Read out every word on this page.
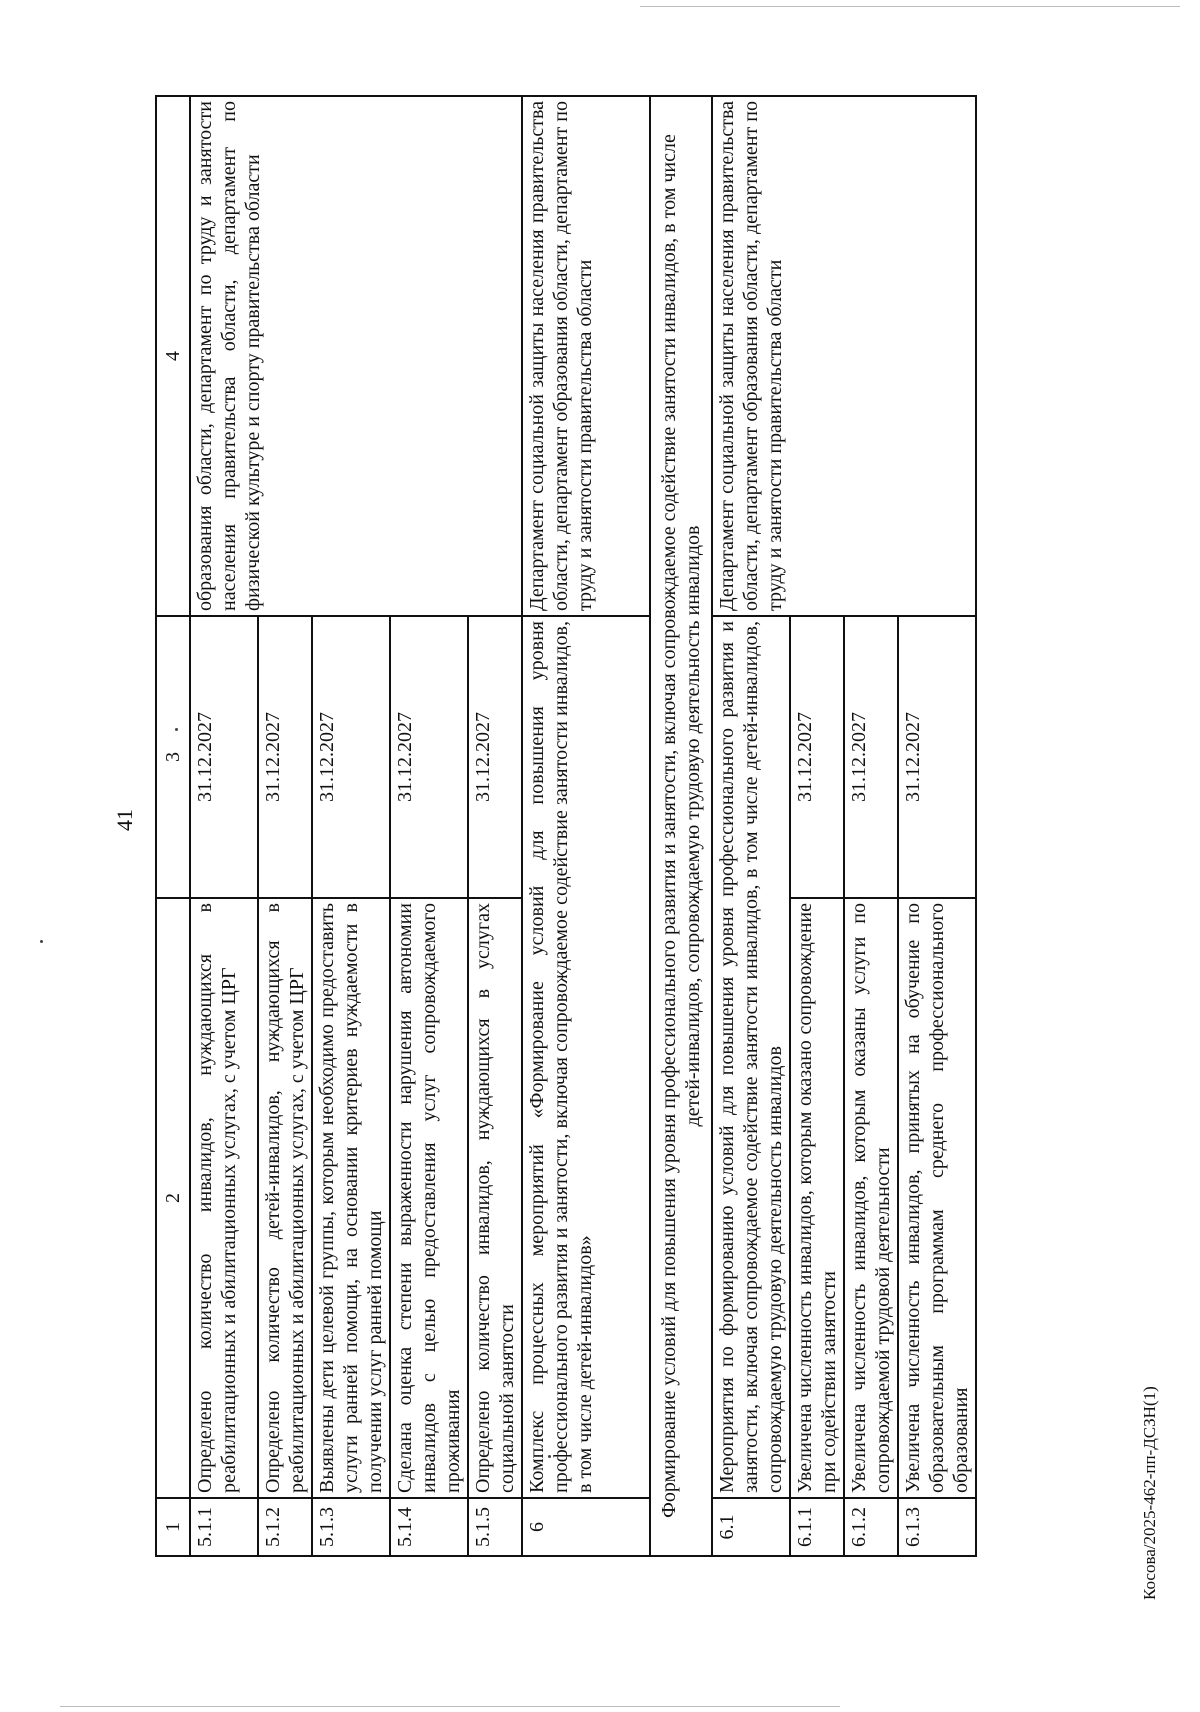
41
1	2	3	4
5.1.1	Определено количество инвалидов, нуждающихся в реабилитационных и абилитационных услугах, с учетом ЦРГ	31.12.2027	образования области, департамент по труду и занятости населения правительства области, департамент по физической культуре и спорту правительства области
5.1.2	Определено количество детей-инвалидов, нуждающихся в реабилитационных и абилитационных услугах, с учетом ЦРГ	31.12.2027	
5.1.3	Выявлены дети целевой группы, которым необходимо предоставить услуги ранней помощи, на основании критериев нуждаемости в получении услуг ранней помощи	31.12.2027	
5.1.4	Сделана оценка степени выраженности нарушения автономии инвалидов с целью предоставления услуг сопровождаемого проживания	31.12.2027	
5.1.5	Определено количество инвалидов, нуждающихся в услугах социальной занятости	31.12.2027	
6	Комплекс процессных мероприятий «Формирование условий для повышения уровня профессионального развития и занятости, включая сопровождаемое содействие занятости инвалидов, в том числе детей-инвалидов»		Департамент социальной защиты населения правительства области, департамент образования области, департамент по труду и занятости правительства области
Формирование условий для повышения уровня профессионального развития и занятости, включая сопровождаемое содействие занятости инвалидов, в том числе детей-инвалидов, сопровождаемую трудовую деятельность инвалидов			
6.1	Мероприятия по формированию условий для повышения уровня профессионального развития и занятости, включая сопровождаемое содействие занятости инвалидов, в том числе детей-инвалидов, сопровождаемую трудовую деятельность инвалидов		Департамент социальной защиты населения правительства области, департамент образования области, департамент по труду и занятости правительства области
6.1.1	Увеличена численность инвалидов, которым оказано сопровождение при содействии занятости	31.12.2027	
6.1.2	Увеличена численность инвалидов, которым оказаны услуги по сопровождаемой трудовой деятельности	31.12.2027	
6.1.3	Увеличена численность инвалидов, принятых на обучение по образовательным программам среднего профессионального образования	31.12.2027	
Косова/2025-462-пп-ДСЗН(1)
